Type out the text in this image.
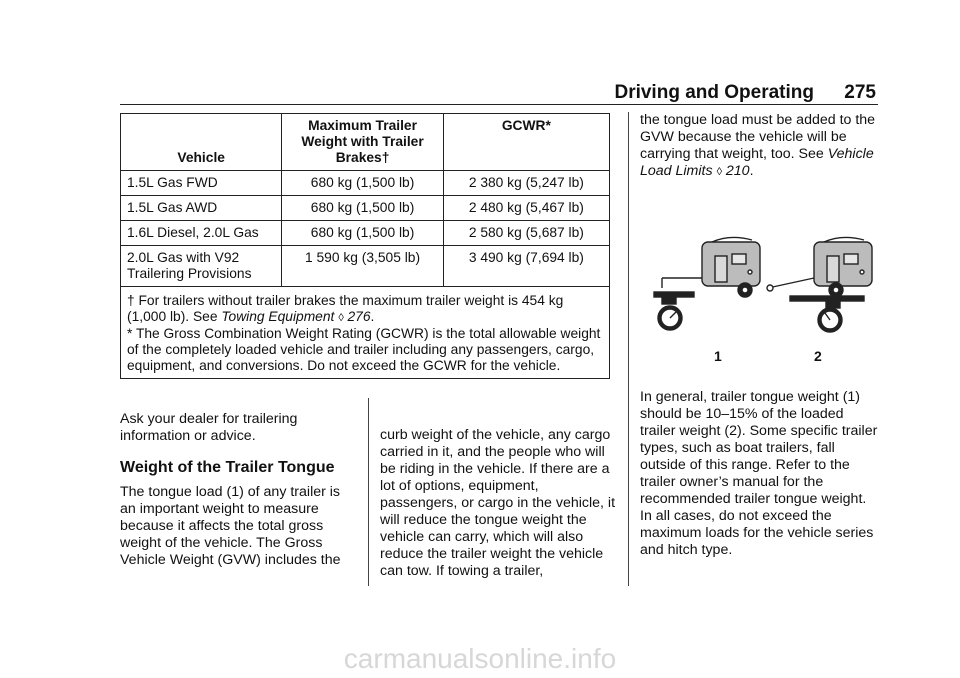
Driving and Operating 275
Vehicle	Maximum Trailer Weight with Trailer Brakes†	GCWR*
1.5L Gas FWD	680 kg (1,500 lb)	2 380 kg (5,247 lb)
1.5L Gas AWD	680 kg (1,500 lb)	2 480 kg (5,467 lb)
1.6L Diesel, 2.0L Gas	680 kg (1,500 lb)	2 580 kg (5,687 lb)
2.0L Gas with V92 Trailering Provisions	1 590 kg (3,505 lb)	3 490 kg (7,694 lb)
† For trailers without trailer brakes the maximum trailer weight is 454 kg (1,000 lb). See Towing Equipment ◊ 276.
* The Gross Combination Weight Rating (GCWR) is the total allowable weight of the completely loaded vehicle and trailer including any passengers, cargo, equipment, and conversions. Do not exceed the GCWR for the vehicle.		

Ask your dealer for trailering information or advice.

Weight of the Trailer Tongue

The tongue load (1) of any trailer is an important weight to measure because it affects the total gross weight of the vehicle. The Gross Vehicle Weight (GVW) includes the

curb weight of the vehicle, any cargo carried in it, and the people who will be riding in the vehicle. If there are a lot of options, equipment, passengers, or cargo in the vehicle, it will reduce the tongue weight the vehicle can carry, which will also reduce the trailer weight the vehicle can tow. If towing a trailer,

the tongue load must be added to the GVW because the vehicle will be carrying that weight, too. See Vehicle Load Limits ◊ 210.

1	2

In general, trailer tongue weight (1) should be 10–15% of the loaded trailer weight (2). Some specific trailer types, such as boat trailers, fall outside of this range. Refer to the trailer owner’s manual for the recommended trailer tongue weight. In all cases, do not exceed the maximum loads for the vehicle series and hitch type.

carmanualsonline.info
